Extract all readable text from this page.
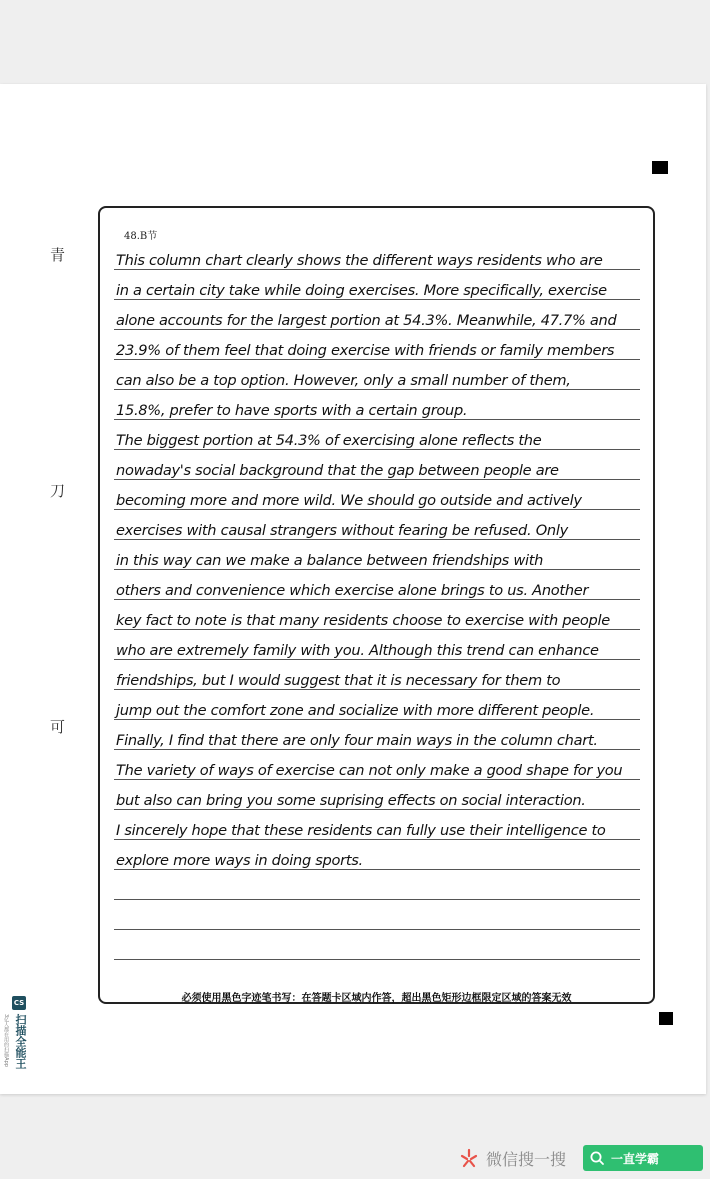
青
刀
可
48.B节
This column chart clearly shows the different ways residents who are
in a certain city take while doing exercises. More specifically, exercise
alone accounts for the largest portion at 54.3%. Meanwhile, 47.7% and
23.9% of them feel that doing exercise with friends or family members
can also be a top option. However, only a small number of them,
15.8%, prefer to have sports with a certain group.
The biggest portion at 54.3% of exercising alone reflects the
nowaday's social background that the gap between people are
becoming more and more wild. We should go outside and actively
exercises with causal strangers without fearing be refused. Only
in this way can we make a balance between friendships with
others and convenience which exercise alone brings to us. Another
key fact to note is that many residents choose to exercise with people
who are extremely family with you. Although this trend can enhance
friendships, but I would suggest that it is necessary for them to
jump out the comfort zone and socialize with more different people.
Finally, I find that there are only four main ways in the column chart.
The variety of ways of exercise can not only make a good shape for you
but also can bring you some suprising effects on social interaction.
I sincerely hope that these residents can fully use their intelligence to
explore more ways in doing sports.
必须使用黑色字迹笔书写：在答题卡区域内作答，超出黑色矩形边框限定区域的答案无效
CS
扫描全能王
3亿人都在用的扫描App
微信搜一搜	一直学霸
